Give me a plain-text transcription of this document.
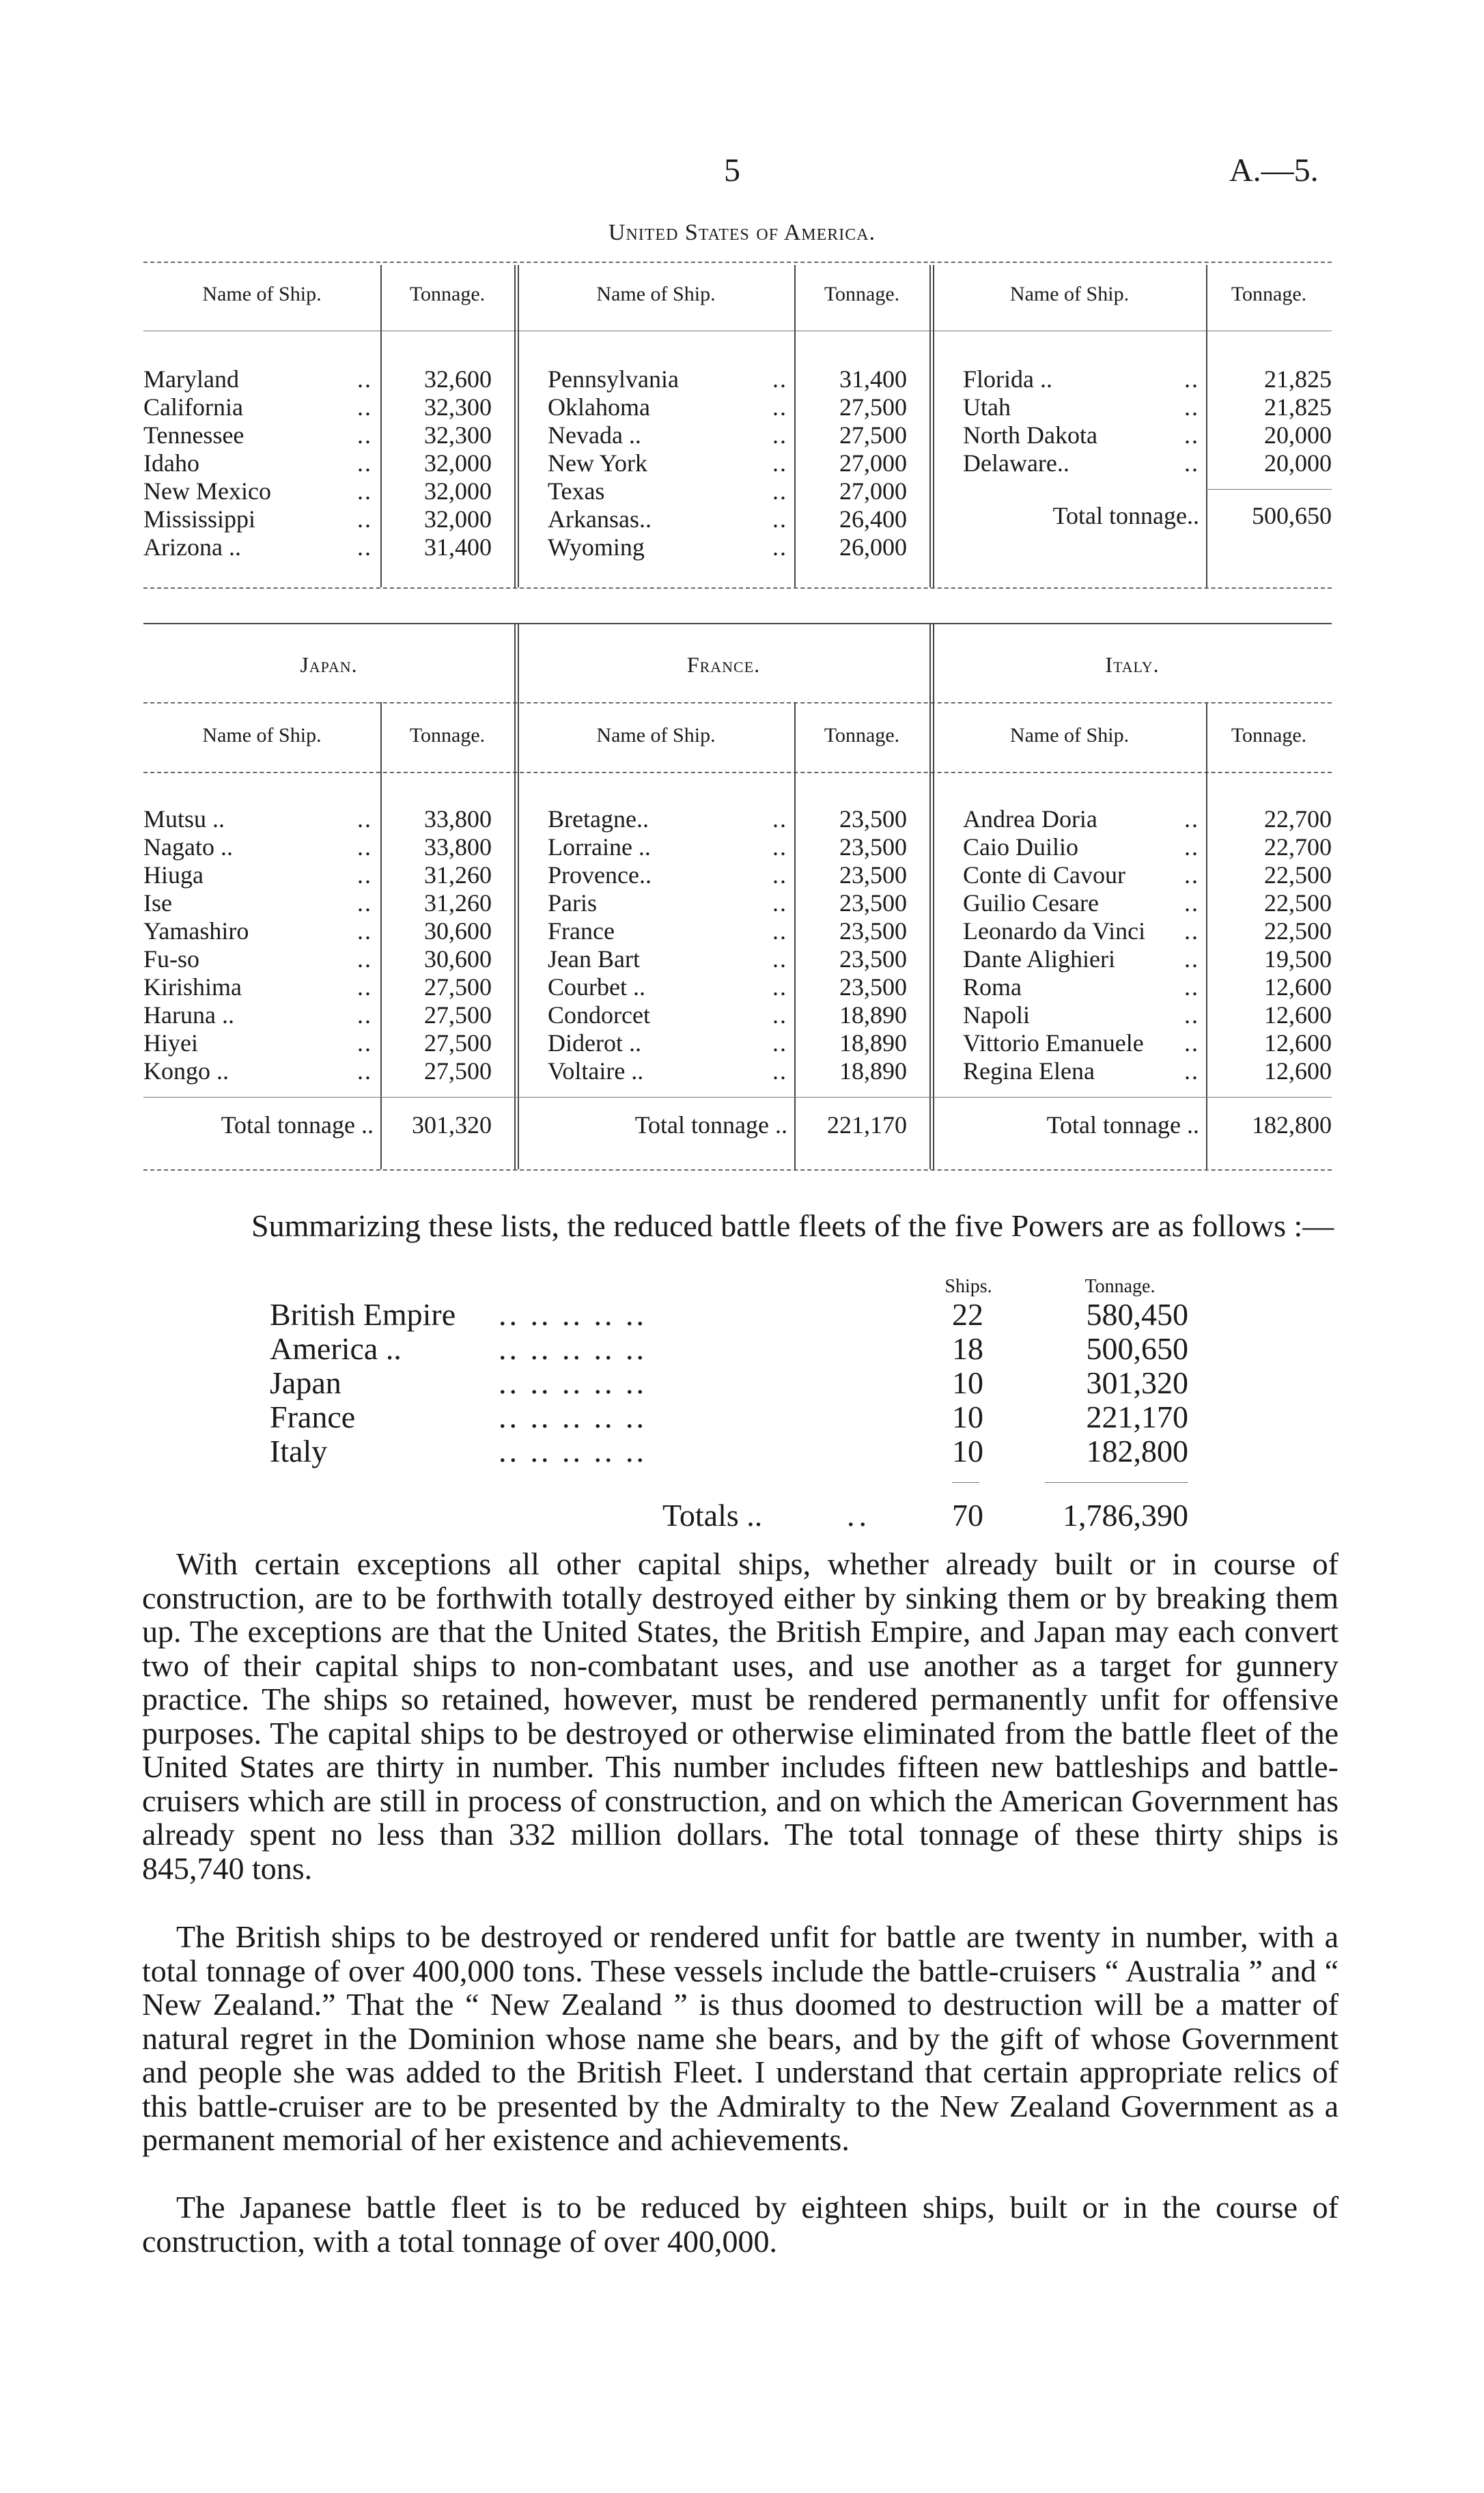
5	A.—5.
United States of America.
Name of Ship.	Tonnage.	Name of Ship.	Tonnage.	Name of Ship.	Tonnage.
Maryland	..	32,600
California	..	32,300
Tennessee	..	32,300
Idaho	..	32,000
New Mexico	..	32,000
Mississippi	..	32,000
Arizona ..	..	31,400
Pennsylvania	..	31,400
Oklahoma	..	27,500
Nevada ..	..	27,500
New York	..	27,000
Texas	..	27,000
Arkansas..	..	26,400
Wyoming	..	26,000
Florida ..	..	21,825
Utah	..	21,825
North Dakota	..	20,000
Delaware..	..	20,000
Total tonnage..	500,650
Japan.	France.	Italy.
Name of Ship.	Tonnage.	Name of Ship.	Tonnage.	Name of Ship.	Tonnage.
Mutsu ..	..	33,800
Nagato ..	..	33,800
Hiuga	..	31,260
Ise	..	31,260
Yamashiro	..	30,600
Fu-so	..	30,600
Kirishima	..	27,500
Haruna ..	..	27,500
Hiyei	..	27,500
Kongo ..	..	27,500
Bretagne..	..	23,500
Lorraine ..	..	23,500
Provence..	..	23,500
Paris	..	23,500
France	..	23,500
Jean Bart	..	23,500
Courbet ..	..	23,500
Condorcet	..	18,890
Diderot ..	..	18,890
Voltaire ..	..	18,890
Andrea Doria	..	22,700
Caio Duilio	..	22,700
Conte di Cavour	..	22,500
Guilio Cesare	..	22,500
Leonardo da Vinci	..	22,500
Dante Alighieri	..	19,500
Roma	..	12,600
Napoli	..	12,600
Vittorio Emanuele	..	12,600
Regina Elena	..	12,600
Total tonnage ..	301,320	Total tonnage ..	221,170	Total tonnage ..	182,800
Summarizing these lists, the reduced battle fleets of the five Powers are as follows :—
Ships.	Tonnage.
British Empire .. .. .. .. ..	22	580,450
America ..	.. .. .. .. ..	18	500,650
Japan	.. .. .. .. ..	10	301,320
France	.. .. .. .. ..	10	221,170
Italy	.. .. .. .. ..	10	182,800
Totals ..	..	70	1,786,390
With certain exceptions all other capital ships, whether already built or in course of construction, are to be forthwith totally destroyed either by sinking them or by breaking them up. The exceptions are that the United States, the British Empire, and Japan may each convert two of their capital ships to non-combatant uses, and use another as a target for gunnery practice. The ships so retained, however, must be rendered permanently unfit for offensive purposes. The capital ships to be destroyed or otherwise eliminated from the battle fleet of the United States are thirty in number. This number includes fifteen new battleships and battle-cruisers which are still in process of construction, and on which the American Government has already spent no less than 332 million dollars. The total tonnage of these thirty ships is 845,740 tons.
The British ships to be destroyed or rendered unfit for battle are twenty in number, with a total tonnage of over 400,000 tons. These vessels include the battle-cruisers “ Australia ” and “ New Zealand.” That the “ New Zealand ” is thus doomed to destruction will be a matter of natural regret in the Dominion whose name she bears, and by the gift of whose Government and people she was added to the British Fleet. I understand that certain appropriate relics of this battle-cruiser are to be presented by the Admiralty to the New Zealand Government as a permanent memorial of her existence and achievements.
The Japanese battle fleet is to be reduced by eighteen ships, built or in the course of construction, with a total tonnage of over 400,000.
